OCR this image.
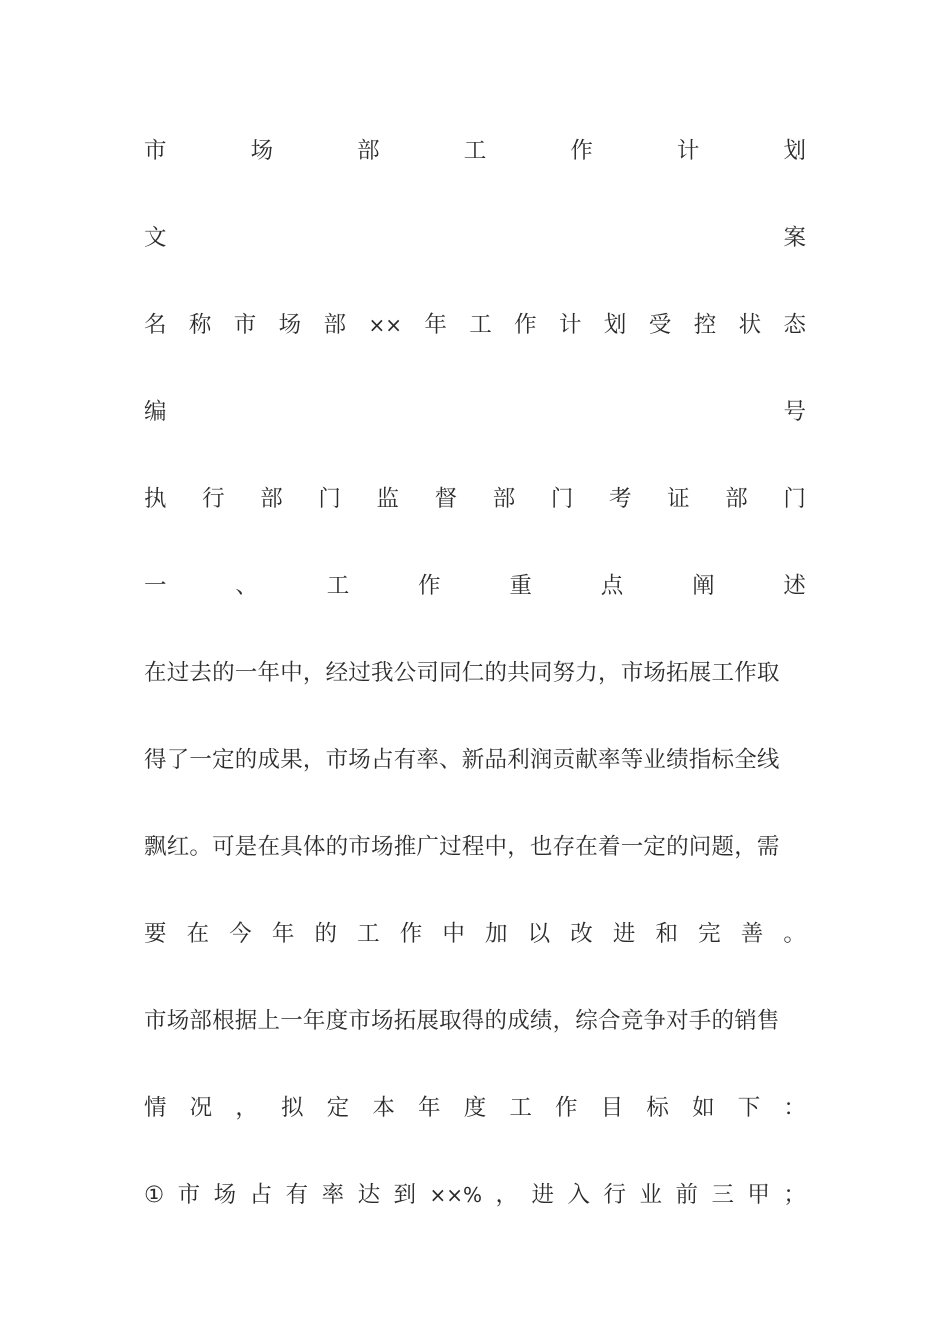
市	场	部	工	作	计	划
文	案
名 称 市 场 部 ×× 年 工 作 计 划 受 控 状 态
编	号
执 行 部 门 监 督 部 门 考 证 部 门
一	、	工	作	重	点	阐	述
在过去的一年中，经过我公司同仁的共同努力，市场拓展工作取
得了一定的成果，市场占有率、新品利润贡献率等业绩指标全线
飘红。可是在具体的市场推广过程中，也存在着一定的问题，需
要 在 今 年 的 工 作 中 加 以 改 进 和 完 善 。
市场部根据上一年度市场拓展取得的成绩，综合竞争对手的销售
情 况 ， 拟 定 本 年 度 工 作 目 标 如 下 ：
① 市 场 占 有 率 达 到 ××% ， 进 入 行 业 前 三 甲 ；
